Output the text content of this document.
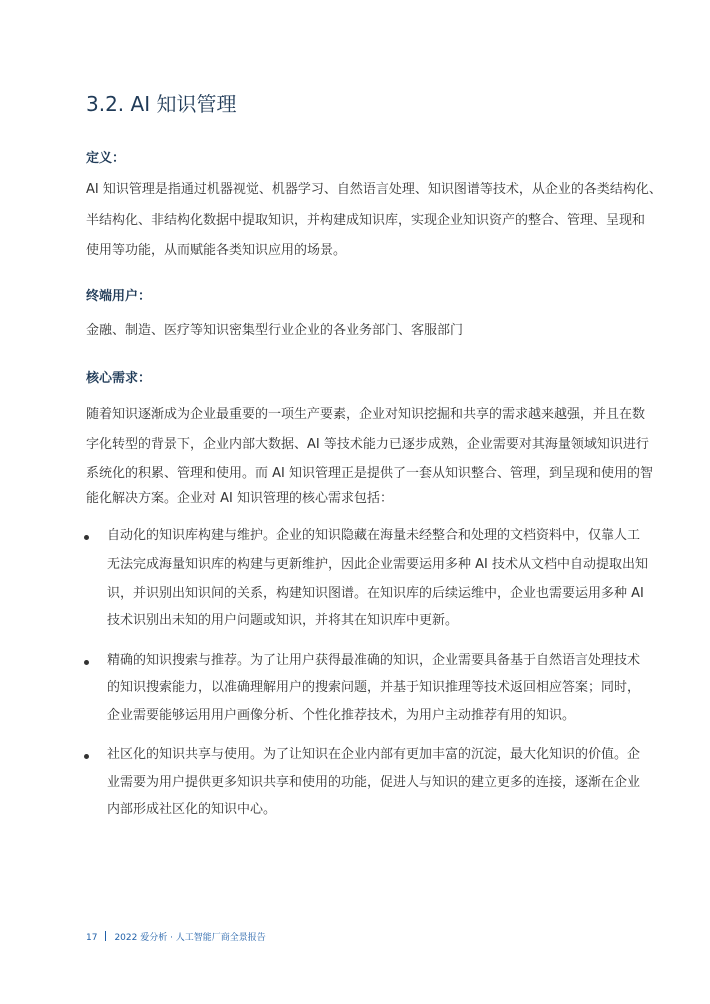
3.2. AI 知识管理
定义：
AI 知识管理是指通过机器视觉、机器学习、自然语言处理、知识图谱等技术，从企业的各类结构化、
半结构化、非结构化数据中提取知识，并构建成知识库，实现企业知识资产的整合、管理、呈现和
使用等功能，从而赋能各类知识应用的场景。
终端用户：
金融、制造、医疗等知识密集型行业企业的各业务部门、客服部门
核心需求：
随着知识逐渐成为企业最重要的一项生产要素，企业对知识挖掘和共享的需求越来越强，并且在数
字化转型的背景下，企业内部大数据、AI 等技术能力已逐步成熟，企业需要对其海量领域知识进行
系统化的积累、管理和使用。而 AI 知识管理正是提供了一套从知识整合、管理，到呈现和使用的智
能化解决方案。企业对 AI 知识管理的核心需求包括：
自动化的知识库构建与维护。企业的知识隐藏在海量未经整合和处理的文档资料中，仅靠人工
无法完成海量知识库的构建与更新维护，因此企业需要运用多种 AI 技术从文档中自动提取出知
识，并识别出知识间的关系，构建知识图谱。在知识库的后续运维中，企业也需要运用多种 AI
技术识别出未知的用户问题或知识，并将其在知识库中更新。
精确的知识搜索与推荐。为了让用户获得最准确的知识，企业需要具备基于自然语言处理技术
的知识搜索能力，以准确理解用户的搜索问题，并基于知识推理等技术返回相应答案；同时，
企业需要能够运用用户画像分析、个性化推荐技术，为用户主动推荐有用的知识。
社区化的知识共享与使用。为了让知识在企业内部有更加丰富的沉淀，最大化知识的价值。企
业需要为用户提供更多知识共享和使用的功能，促进人与知识的建立更多的连接，逐渐在企业
内部形成社区化的知识中心。
17 2022 爱分析 · 人工智能厂商全景报告
